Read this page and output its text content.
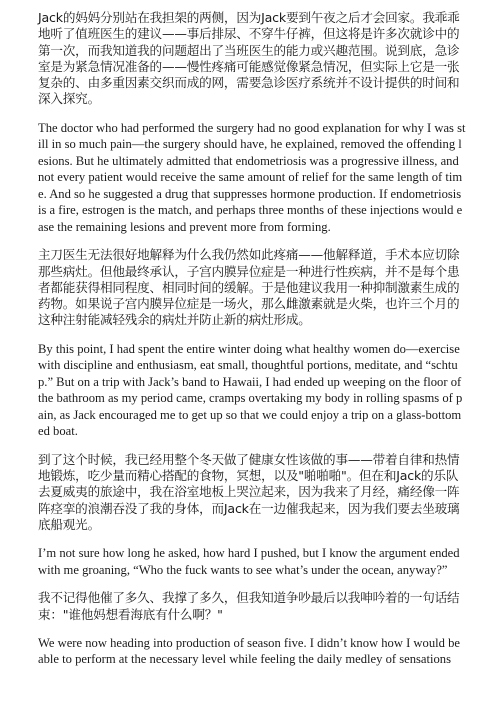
Jack的妈妈分别站在我担架的两侧，因为Jack要到午夜之后才会回家。我乖乖地听了值班医生的建议——事后排尿、不穿牛仔裤，但这将是许多次就诊中的第一次，而我知道我的问题超出了当班医生的能力或兴趣范围。说到底，急诊室是为紧急情况准备的——慢性疼痛可能感觉像紧急情况，但实际上它是一张复杂的、由多重因素交织而成的网，需要急诊医疗系统并不设计提供的时间和深入探究。

The doctor who had performed the surgery had no good explanation for why I was still in so much pain—the surgery should have, he explained, removed the offending lesions. But he ultimately admitted that endometriosis was a progressive illness, and not every patient would receive the same amount of relief for the same length of time. And so he suggested a drug that suppresses hormone production. If endometriosis is a fire, estrogen is the match, and perhaps three months of these injections would ease the remaining lesions and prevent more from forming.

主刀医生无法很好地解释为什么我仍然如此疼痛——他解释道，手术本应切除那些病灶。但他最终承认，子宫内膜异位症是一种进行性疾病，并不是每个患者都能获得相同程度、相同时间的缓解。于是他建议我用一种抑制激素生成的药物。如果说子宫内膜异位症是一场火，那么雌激素就是火柴，也许三个月的这种注射能减轻残余的病灶并防止新的病灶形成。

By this point, I had spent the entire winter doing what healthy women do—exercise with discipline and enthusiasm, eat small, thoughtful portions, meditate, and “schtup.” But on a trip with Jack’s band to Hawaii, I had ended up weeping on the floor of the bathroom as my period came, cramps overtaking my body in rolling spasms of pain, as Jack encouraged me to get up so that we could enjoy a trip on a glass-bottomed boat.

到了这个时候，我已经用整个冬天做了健康女性该做的事——带着自律和热情地锻炼，吃少量而精心搭配的食物，冥想，以及"啪啪啪"。但在和Jack的乐队去夏威夷的旅途中，我在浴室地板上哭泣起来，因为我来了月经，痛经像一阵阵痉挛的浪潮吞没了我的身体，而Jack在一边催我起来，因为我们要去坐玻璃底船观光。

I’m not sure how long he asked, how hard I pushed, but I know the argument ended with me groaning, “Who the fuck wants to see what’s under the ocean, anyway?”

我不记得他催了多久、我撑了多久，但我知道争吵最后以我呻吟着的一句话结束："谁他妈想看海底有什么啊？"

We were now heading into production of season five. I didn’t know how I would be able to perform at the necessary level while feeling the daily medley of sensations
